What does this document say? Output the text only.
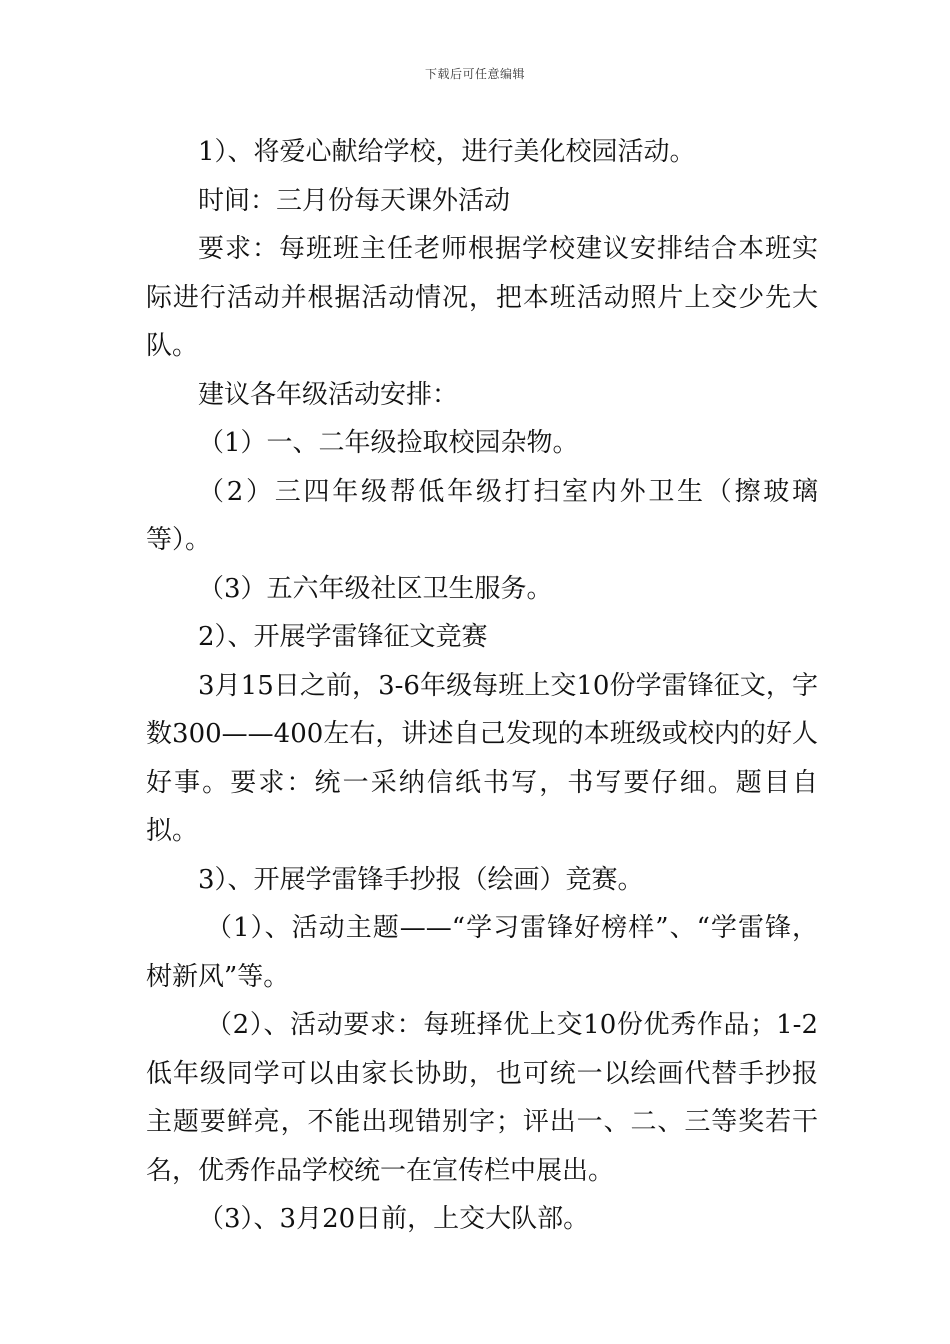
下载后可任意编辑

1）、将爱心献给学校，进行美化校园活动。

时间：三月份每天课外活动

要求：每班班主任老师根据学校建议安排结合本班实际进行活动并根据活动情况，把本班活动照片上交少先大队。

建议各年级活动安排：

（1）一、二年级捡取校园杂物。

（2）三四年级帮低年级打扫室内外卫生（擦玻璃等）。

（3）五六年级社区卫生服务。

2）、开展学雷锋征文竞赛

3月15日之前，3-6年级每班上交10份学雷锋征文，字数300——400左右，讲述自己发现的本班级或校内的好人好事。要求：统一采纳信纸书写，书写要仔细。题目自拟。

3）、开展学雷锋手抄报（绘画）竞赛。

（1）、活动主题——“学习雷锋好榜样”、“学雷锋，树新风”等。

（2）、活动要求：每班择优上交10份优秀作品；1-2低年级同学可以由家长协助，也可统一以绘画代替手抄报主题要鲜亮，不能出现错别字；评出一、二、三等奖若干名，优秀作品学校统一在宣传栏中展出。

（3）、3月20日前，上交大队部。
